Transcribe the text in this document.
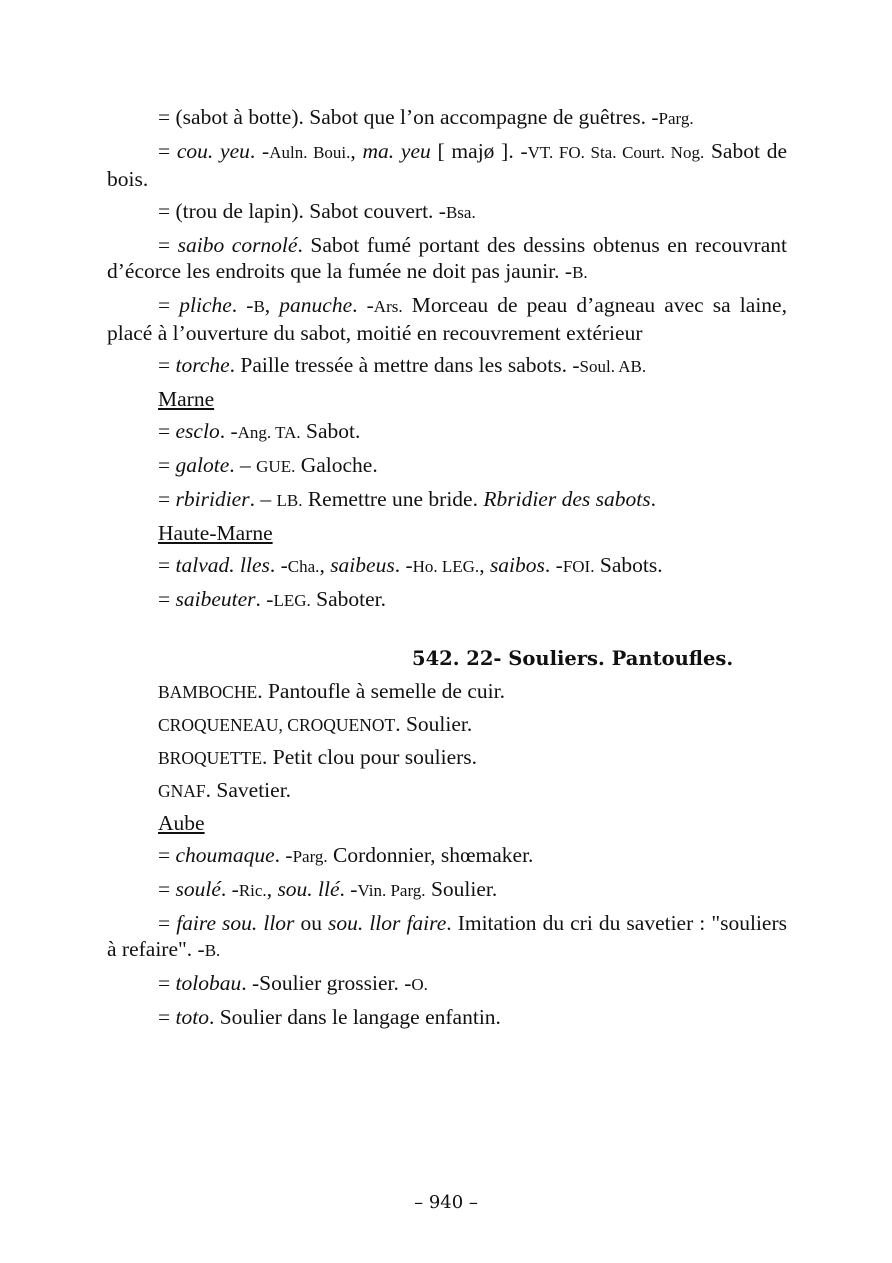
= (sabot à botte). Sabot que l’on accompagne de guêtres. -Parg.

= cou. yeu. -Auln. Boui., ma. yeu [ majø ]. -VT. FO. Sta. Court. Nog. Sabot de bois.

= (trou de lapin). Sabot couvert. -Bsa.

= saibo cornolé. Sabot fumé portant des dessins obtenus en recouvrant d’écorce les endroits que la fumée ne doit pas jaunir. -B.

= pliche. -B, panuche. -Ars. Morceau de peau d’agneau avec sa laine, placé à l’ouverture du sabot, moitié en recouvrement extérieur

= torche. Paille tressée à mettre dans les sabots. -Soul. AB.

Marne

= esclo. -Ang. TA. Sabot.

= galote. – GUE. Galoche.

= rbiridier. – LB. Remettre une bride. Rbridier des sabots.

Haute-Marne

= talvad. lles. -Cha., saibeus. -Ho. LEG., saibos. -FOI. Sabots.

= saibeuter. -LEG. Saboter.

542. 22- Souliers. Pantoufles.

BAMBOCHE. Pantoufle à semelle de cuir.

CROQUENEAU, CROQUENOT. Soulier.

BROQUETTE. Petit clou pour souliers.

GNAF. Savetier.

Aube

= choumaque. -Parg. Cordonnier, shœmaker.

= soulé. -Ric., sou. llé. -Vin. Parg. Soulier.

= faire sou. llor ou sou. llor faire. Imitation du cri du savetier : "souliers à refaire". -B.

= tolobau. -Soulier grossier. -O.

= toto. Soulier dans le langage enfantin.

– 940 –
